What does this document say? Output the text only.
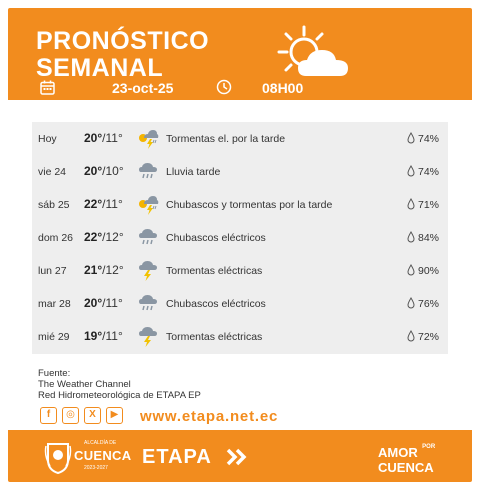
PRONÓSTICO
SEMANAL
23-oct-25	08H00
Hoy 20°/11°	Tormentas el. por la tarde	74%
vie 24 20°/10°	Lluvia tarde	74%
sáb 25 22°/11°	Chubascos y tormentas por la tarde	71%
dom 26 22°/12°	Chubascos eléctricos	84%
lun 27 21°/12°	Tormentas eléctricas	90%
mar 28 20°/11°	Chubascos eléctricos	76%
mié 29 19°/11°	Tormentas eléctricas	72%
Fuente:
The Weather Channel
Red Hidrometeorológica de ETAPA EP
f	◎	X	▶	www.etapa.net.ec
ALCALDÍA DE
CUENCA
2023-2027 ETAPA	AMOR $^{POR}$
CUENCA
